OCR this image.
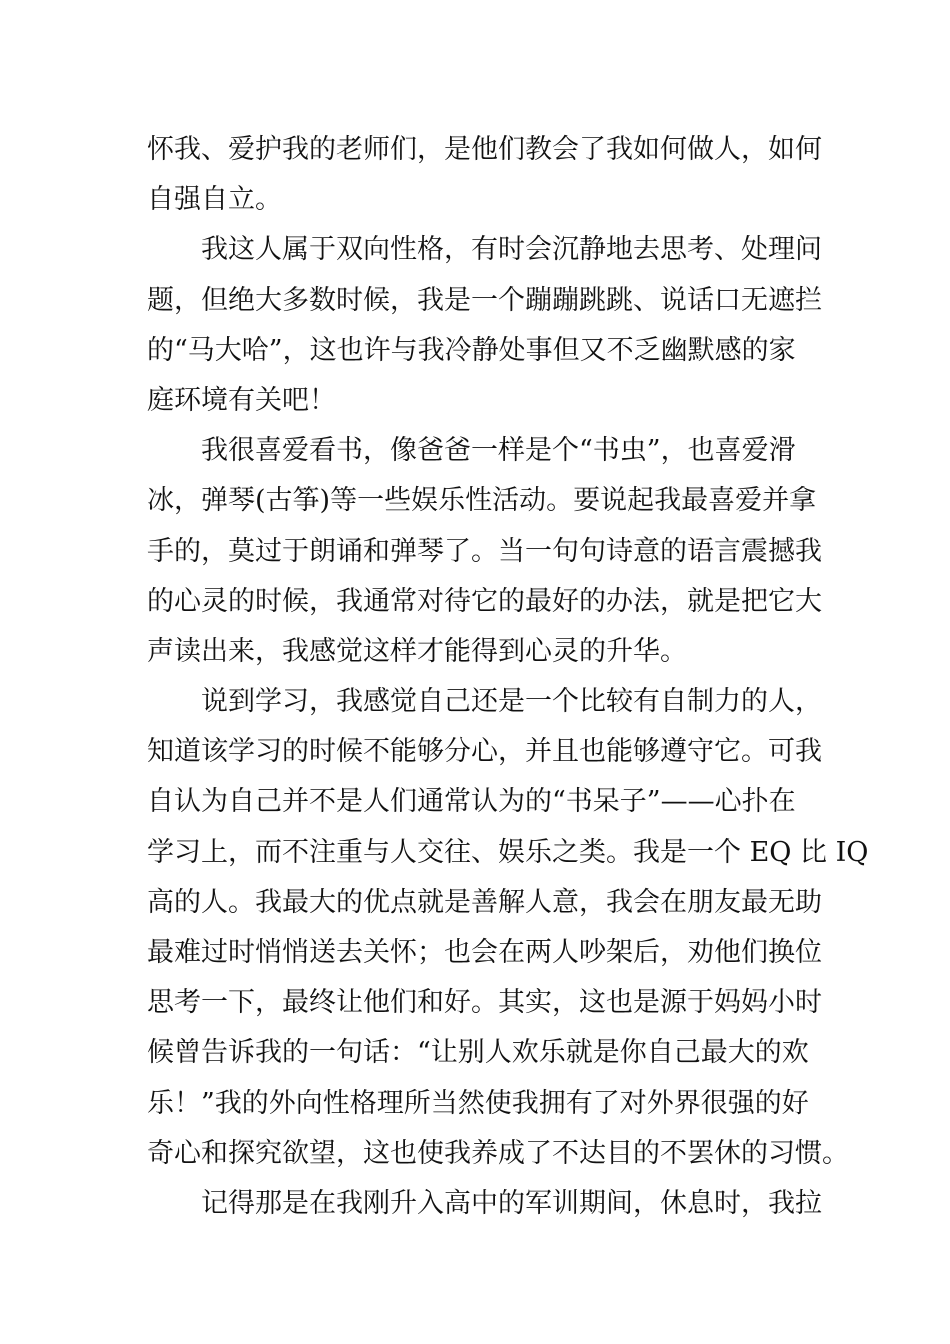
怀我、爱护我的老师们，是他们教会了我如何做人，如何
自强自立。
我这人属于双向性格，有时会沉静地去思考、处理问
题，但绝大多数时候，我是一个蹦蹦跳跳、说话口无遮拦
的“马大哈”，这也许与我冷静处事但又不乏幽默感的家
庭环境有关吧！
我很喜爱看书，像爸爸一样是个“书虫”，也喜爱滑
冰，弹琴(古筝)等一些娱乐性活动。要说起我最喜爱并拿
手的，莫过于朗诵和弹琴了。当一句句诗意的语言震撼我
的心灵的时候，我通常对待它的最好的办法，就是把它大
声读出来，我感觉这样才能得到心灵的升华。
说到学习，我感觉自己还是一个比较有自制力的人，
知道该学习的时候不能够分心，并且也能够遵守它。可我
自认为自己并不是人们通常认为的“书呆子”——心扑在
学习上，而不注重与人交往、娱乐之类。我是一个 EQ 比 IQ
高的人。我最大的优点就是善解人意，我会在朋友最无助
最难过时悄悄送去关怀；也会在两人吵架后，劝他们换位
思考一下，最终让他们和好。其实，这也是源于妈妈小时
候曾告诉我的一句话：“让别人欢乐就是你自己最大的欢
乐！”我的外向性格理所当然使我拥有了对外界很强的好
奇心和探究欲望，这也使我养成了不达目的不罢休的习惯。
记得那是在我刚升入高中的军训期间，休息时，我拉
